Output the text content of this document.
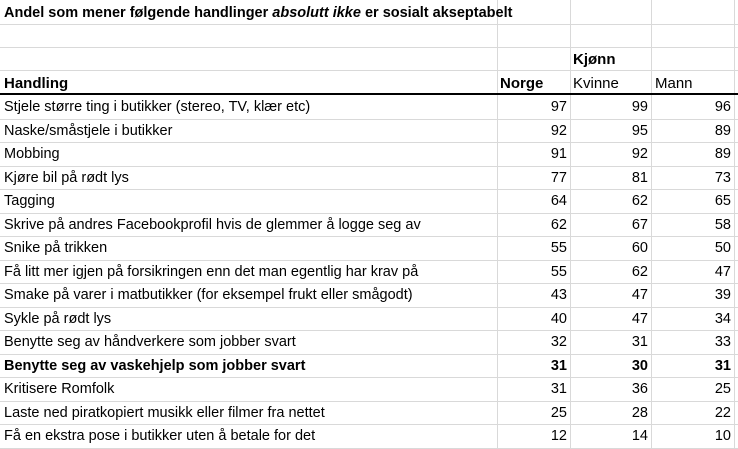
Andel som mener følgende handlinger absolutt ikke er sosialt akseptabelt
Kjønn
Handling	Norge Kvinne Mann
Stjele større ting i butikker (stereo, TV, klær etc)	97	99	96
Naske/småstjele i butikker	92	95	89
Mobbing	91	92	89
Kjøre bil på rødt lys	77	81	73
Tagging	64	62	65
Skrive på andres Facebookprofil hvis de glemmer å logge seg av	62	67	58
Snike på trikken	55	60	50
Få litt mer igjen på forsikringen enn det man egentlig har krav på	55	62	47
Smake på varer i matbutikker (for eksempel frukt eller smågodt)	43	47	39
Sykle på rødt lys	40	47	34
Benytte seg av håndverkere som jobber svart	32	31	33
Benytte seg av vaskehjelp som jobber svart	31	30	31
Kritisere Romfolk	31	36	25
Laste ned piratkopiert musikk eller filmer fra nettet	25	28	22
Få en ekstra pose i butikker uten å betale for det	12	14	10
